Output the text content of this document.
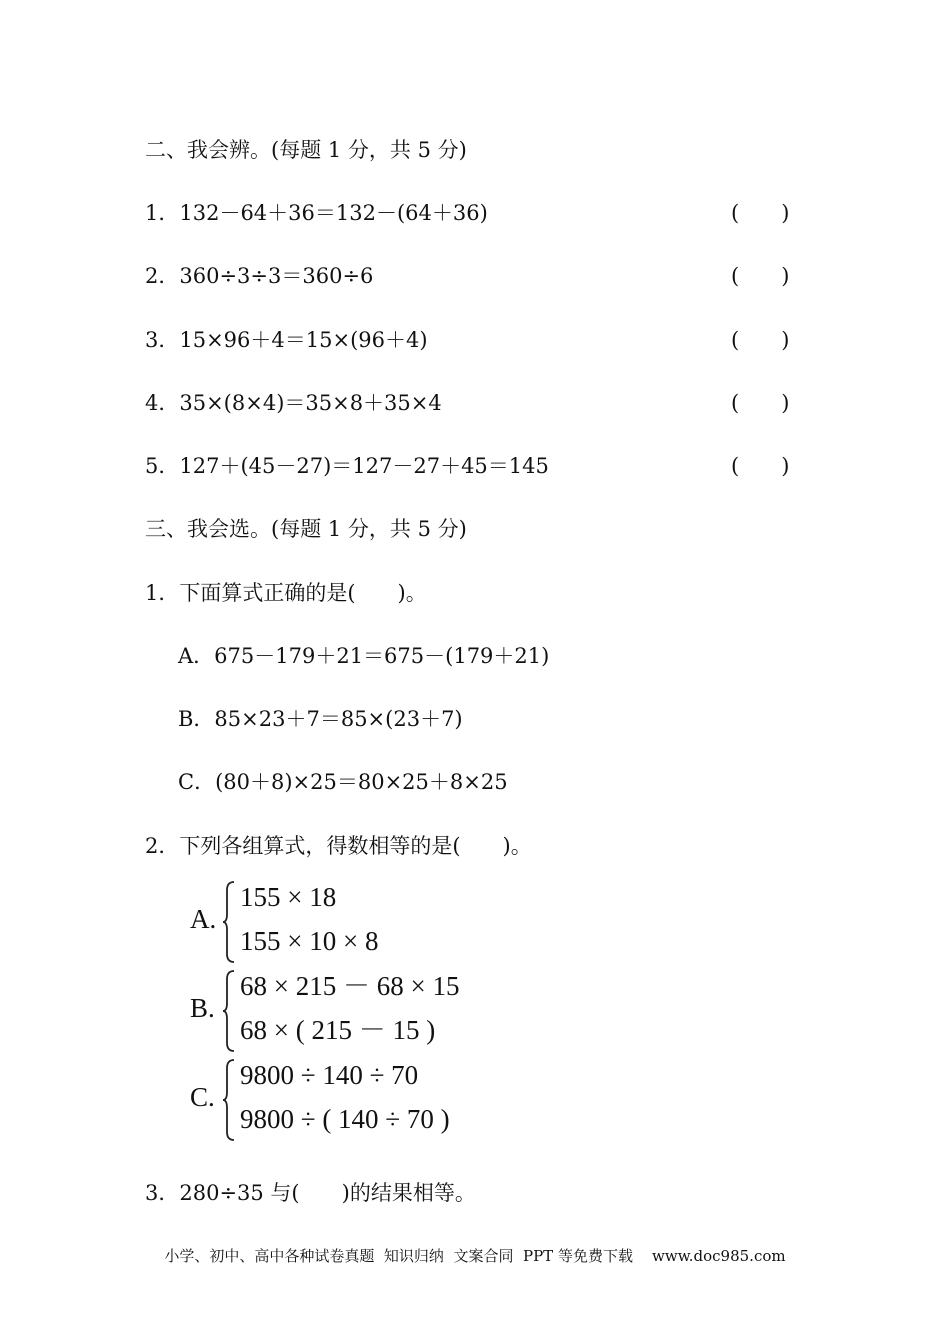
二、我会辨。(每题 1 分，共 5 分)
1．132－64＋36＝132－(64＋36)	(　　)
2．360÷3÷3＝360÷6	(　　)
3．15×96＋4＝15×(96＋4)	(　　)
4．35×(8×4)＝35×8＋35×4	(　　)
5．127＋(45－27)＝127－27＋45＝145	(　　)
三、我会选。(每题 1 分，共 5 分)
1．下面算式正确的是(　　)。
A．675－179＋21＝675－(179＋21)
B．85×23＋7＝85×(23＋7)
C．(80＋8)×25＝80×25＋8×25
2．下列各组算式，得数相等的是(　　)。
A.
155 × 18
155 × 10 × 8
B.
68 × 215 － 68 × 15
68 × ( 215 － 15 )
C.
9800 ÷ 140 ÷ 70
9800 ÷ ( 140 ÷ 70 )
3．280÷35 与(　　)的结果相等。
小学、初中、高中各种试卷真题  知识归纳  文案合同  PPT 等免费下载    www.doc985.com
